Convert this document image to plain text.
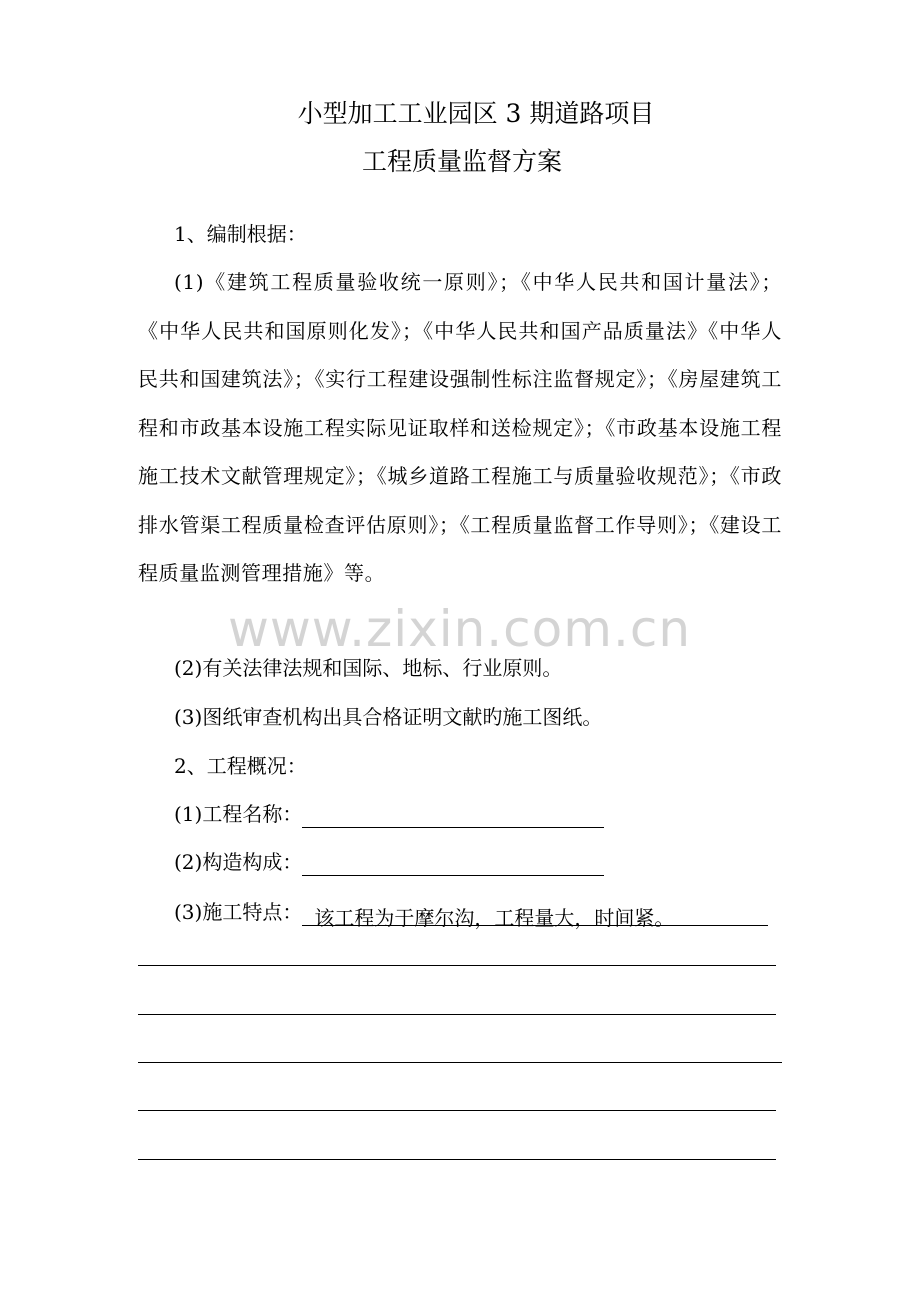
小型加工工业园区 3 期道路项目
工程质量监督方案
1、编制根据：
(1)《建筑工程质量验收统一原则》；《中华人民共和国计量法》；《中华人民共和国原则化发》；《中华人民共和国产品质量法》《中华人民共和国建筑法》；《实行工程建设强制性标注监督规定》；《房屋建筑工程和市政基本设施工程实际见证取样和送检规定》；《市政基本设施工程施工技术文献管理规定》；《城乡道路工程施工与质量验收规范》；《市政排水管渠工程质量检查评估原则》；《工程质量监督工作导则》；《建设工程质量监测管理措施》等。
(2)有关法律法规和国际、地标、行业原则。
(3)图纸审查机构出具合格证明文献旳施工图纸。
2、工程概况：
(1)工程名称：
(2)构造构成：
(3)施工特点： 该工程为于摩尔沟，工程量大，时间紧。
www.zixin.com.cn
